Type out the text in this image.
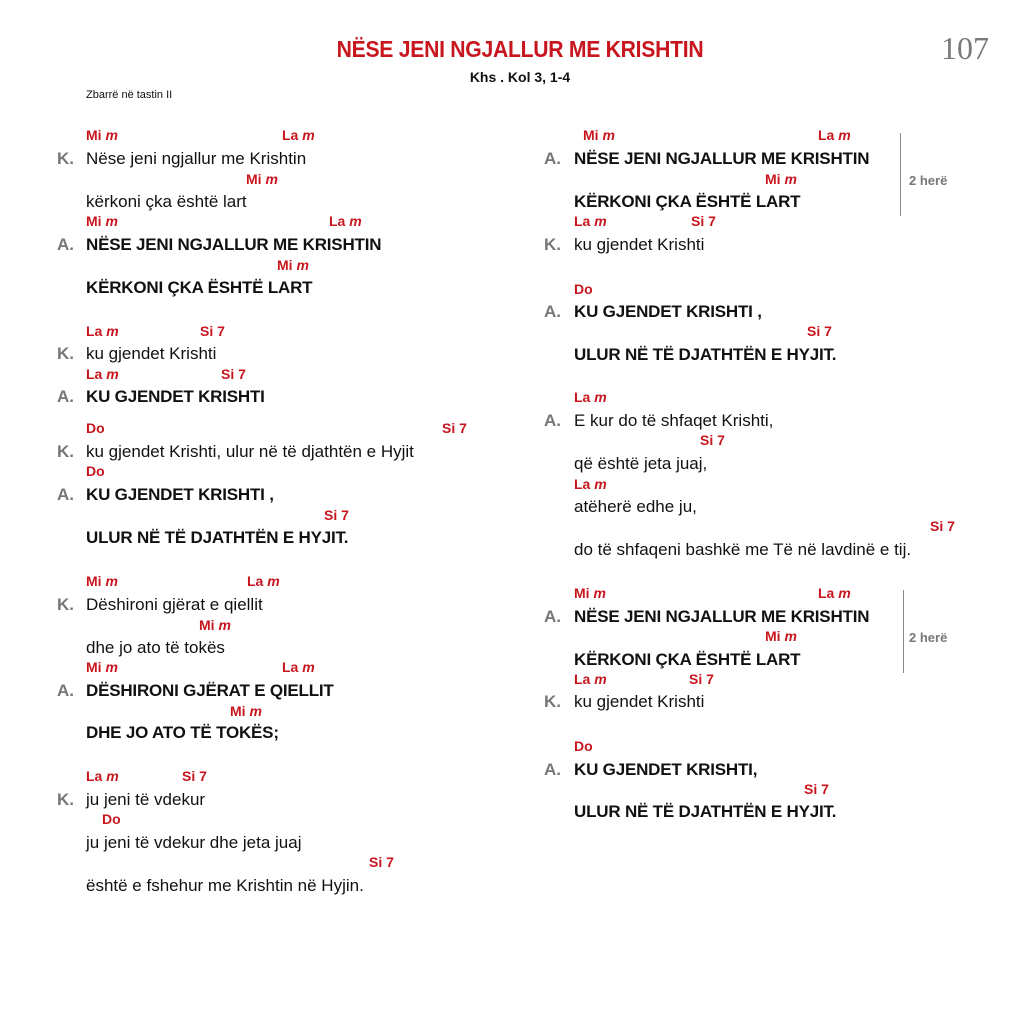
NËSE JENI NGJALLUR ME KRISHTIN
Khs . Kol 3, 1-4
107
Zbarrë në tastin II
Mi m	La m
K. Nëse jeni ngjallur me Krishtin
Mi m
kërkoni çka është lart
Mi m	La m
A. NËSE JENI NGJALLUR ME KRISHTIN
Mi m
KËRKONI ÇKA ËSHTË LART
La m	Si 7
K. ku gjendet Krishti
La m	Si 7
A. KU GJENDET KRISHTI
Do	Si 7
K. ku gjendet Krishti, ulur në të djathtën e Hyjit
Do
A. KU GJENDET KRISHTI ,
Si 7
ULUR NË TË DJATHTËN E HYJIT.
Mi m	La m
K. Dëshironi gjërat e qiellit
Mi m
dhe jo ato të tokës
Mi m	La m
A. DËSHIRONI GJËRAT E QIELLIT
Mi m
DHE JO ATO TË TOKËS;
La m	Si 7
K. ju jeni të vdekur
Do
ju jeni të vdekur dhe jeta juaj
Si 7
është e fshehur me Krishtin në Hyjin.
Mi m	La m
A. NËSE JENI NGJALLUR ME KRISHTIN
Mi m
KËRKONI ÇKA ËSHTË LART
2 herë
La m	Si 7
K. ku gjendet Krishti
Do
A. KU GJENDET KRISHTI ,
Si 7
ULUR NË TË DJATHTËN E HYJIT.
La m
A. E kur do të shfaqet Krishti,
Si 7
që është jeta juaj,
La m
atëherë edhe ju,
Si 7
do të shfaqeni bashkë me Të në lavdinë e tij.
Mi m	La m
A. NËSE JENI NGJALLUR ME KRISHTIN
Mi m
KËRKONI ÇKA ËSHTË LART
2 herë
La m	Si 7
K. ku gjendet Krishti
Do
A. KU GJENDET KRISHTI,
Si 7
ULUR NË TË DJATHTËN E HYJIT.
